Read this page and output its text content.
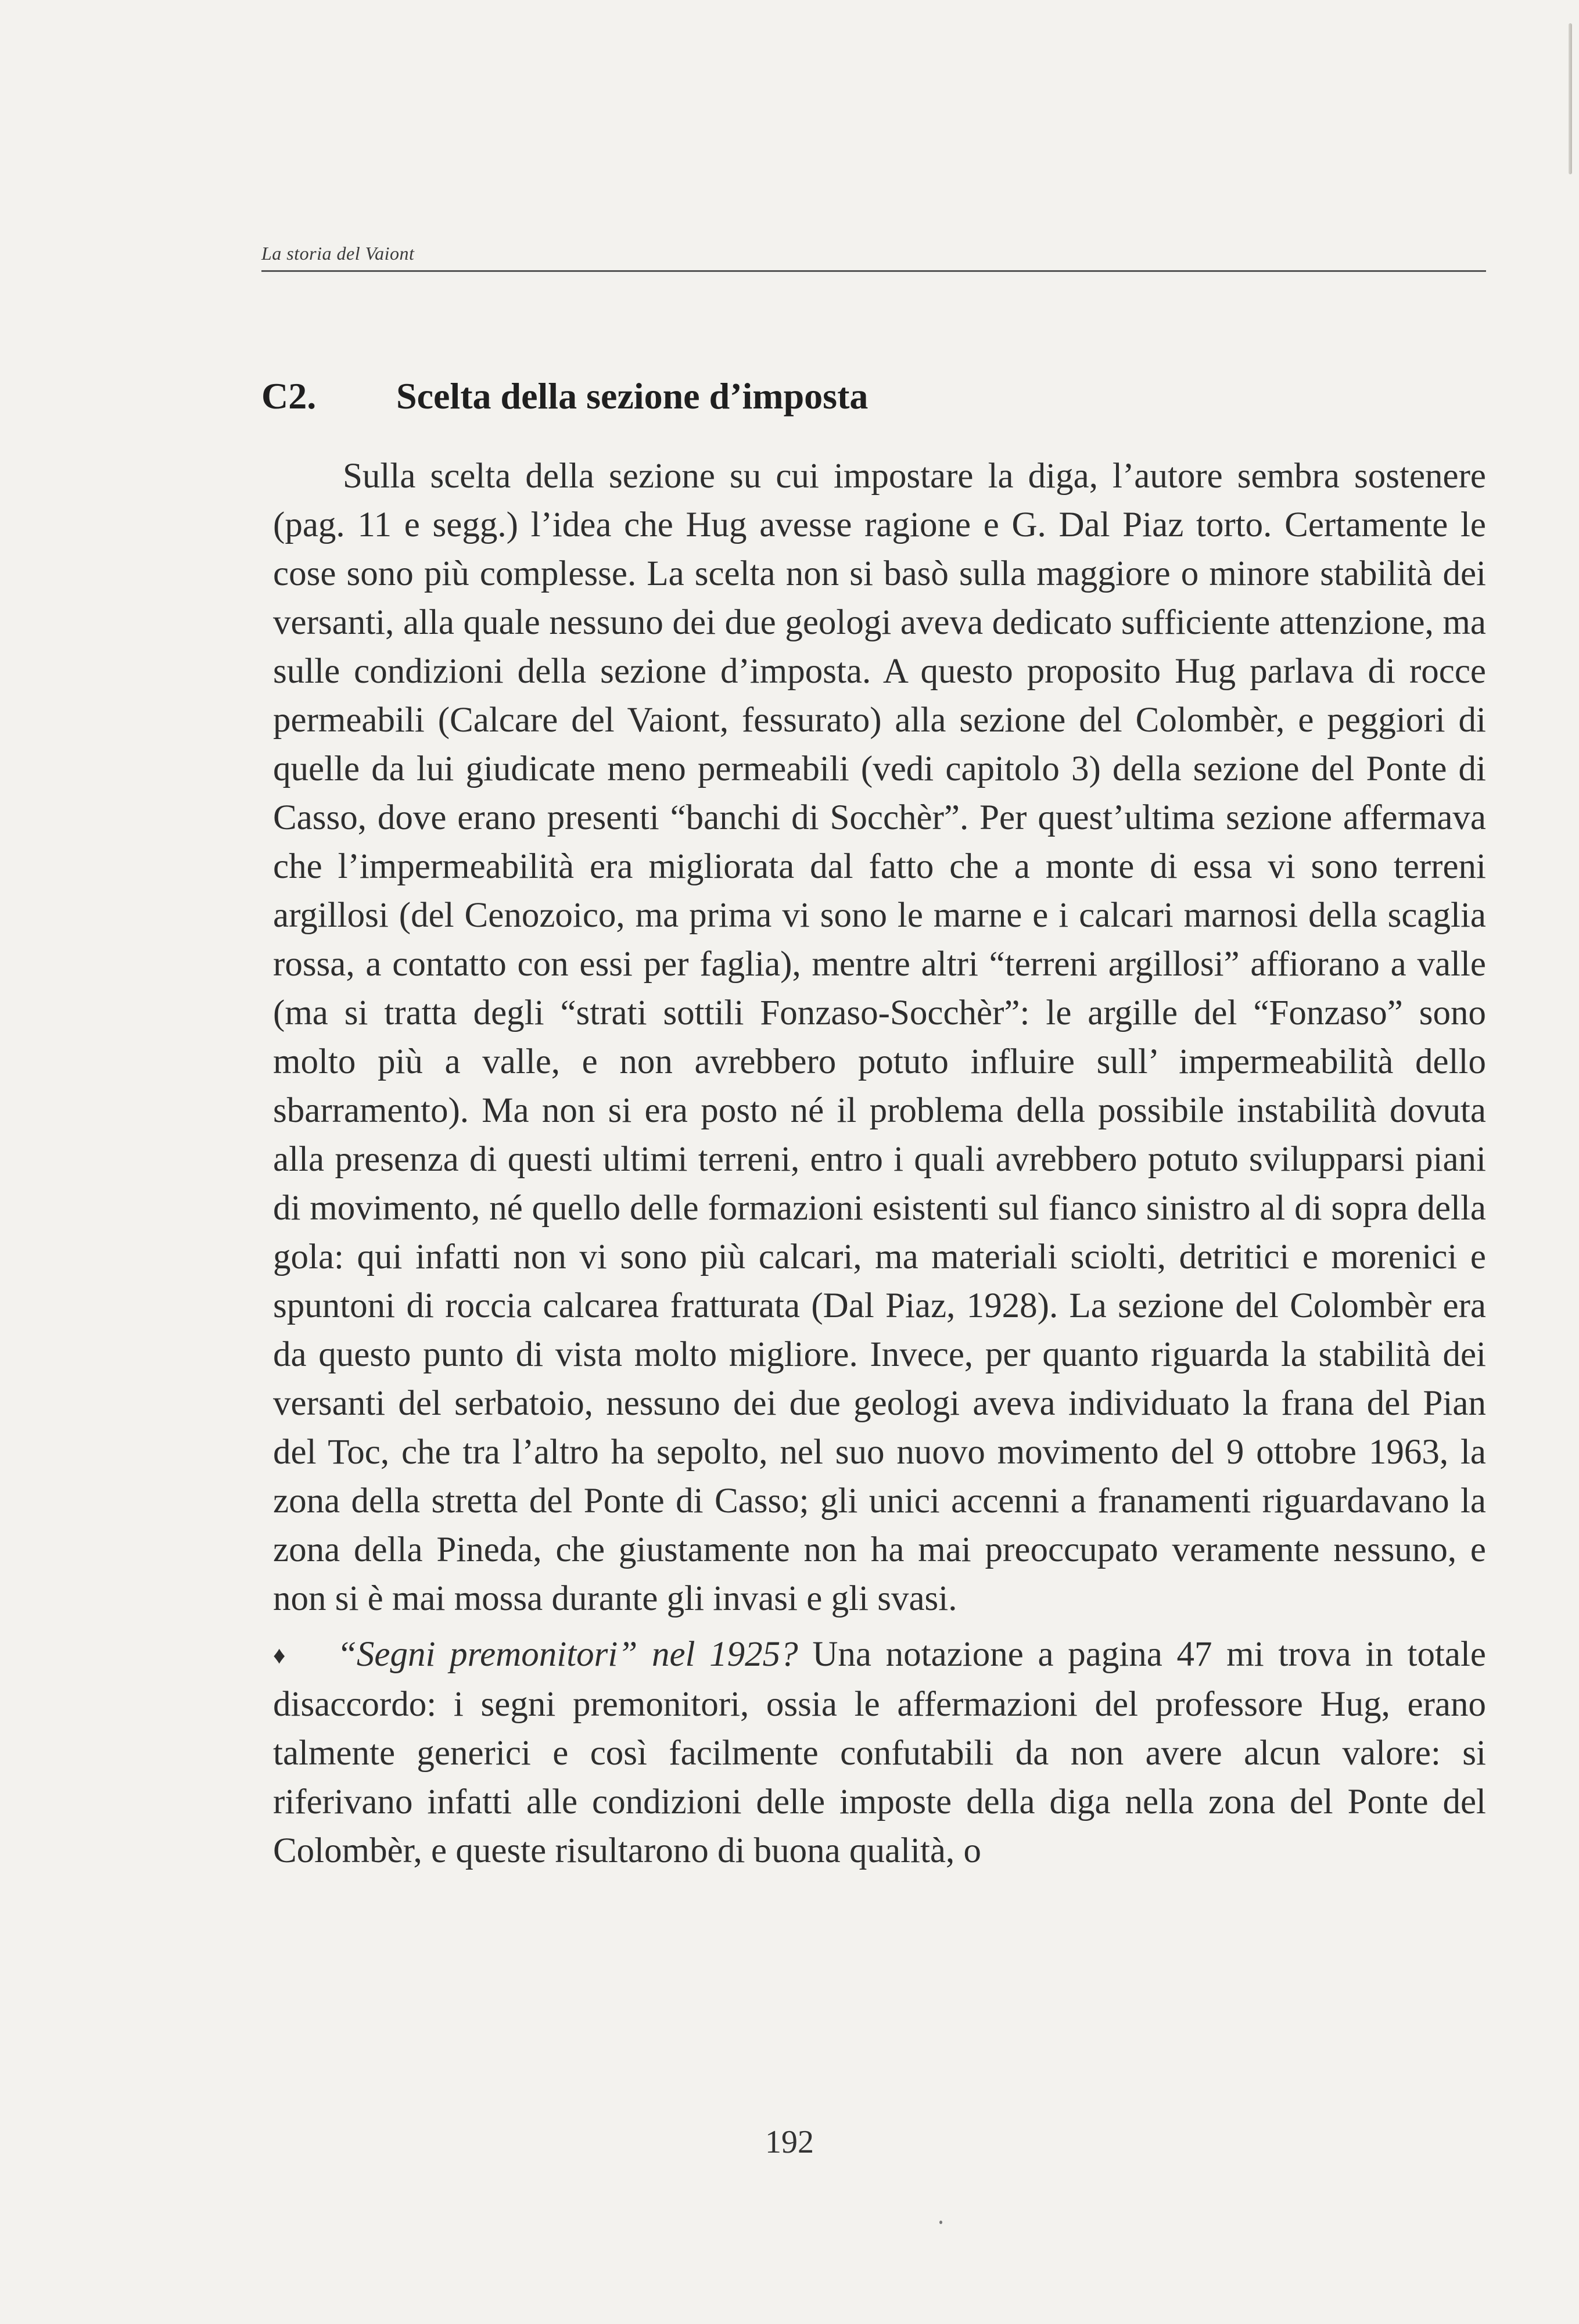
La storia del Vaiont
C2.	Scelta della sezione d’imposta

Sulla scelta della sezione su cui impostare la diga, l’autore sembra sostenere (pag. 11 e segg.) l’idea che Hug avesse ragione e G. Dal Piaz torto. Certamente le cose sono più complesse. La scelta non si basò sulla maggiore o minore stabilità dei versanti, alla quale nessuno dei due geologi aveva dedicato sufficiente attenzione, ma sulle condizioni della sezione d’imposta. A questo proposito Hug parlava di rocce permeabili (Calcare del Vaiont, fessurato) alla sezione del Colombèr, e peggiori di quelle da lui giudicate meno permeabili (vedi capitolo 3) della sezione del Ponte di Casso, dove erano presenti “banchi di Socchèr”. Per quest’ultima sezione affermava che l’impermeabilità era migliorata dal fatto che a monte di essa vi sono terreni argillosi (del Cenozoico, ma prima vi sono le marne e i calcari marnosi della scaglia rossa, a contatto con essi per faglia), mentre altri “terreni argillosi” affiorano a valle (ma si tratta degli “strati sottili Fonzaso-Socchèr”: le argille del “Fonzaso” sono molto più a valle, e non avrebbero potuto influire sull’ impermeabilità dello sbarramento). Ma non si era posto né il problema della possibile instabilità dovuta alla presenza di questi ultimi terreni, entro i quali avrebbero potuto svilupparsi piani di movimento, né quello delle formazioni esistenti sul fianco sinistro al di sopra della gola: qui infatti non vi sono più calcari, ma materiali sciolti, detritici e morenici e spuntoni di roccia calcarea fratturata (Dal Piaz, 1928). La sezione del Colombèr era da questo punto di vista molto migliore. Invece, per quanto riguarda la stabilità dei versanti del serbatoio, nessuno dei due geologi aveva individuato la frana del Pian del Toc, che tra l’altro ha sepolto, nel suo nuovo movimento del 9 ottobre 1963, la zona della stretta del Ponte di Casso; gli unici accenni a franamenti riguardavano la zona della Pineda, che giustamente non ha mai preoccupato veramente nessuno, e non si è mai mossa durante gli invasi e gli svasi.

♦ “Segni premonitori” nel 1925? Una notazione a pagina 47 mi trova in totale disaccordo: i segni premonitori, ossia le affermazioni del professore Hug, erano talmente generici e così facilmente confutabili da non avere alcun valore: si riferivano infatti alle condizioni delle imposte della diga nella zona del Ponte del Colombèr, e queste risultarono di buona qualità, o

192
